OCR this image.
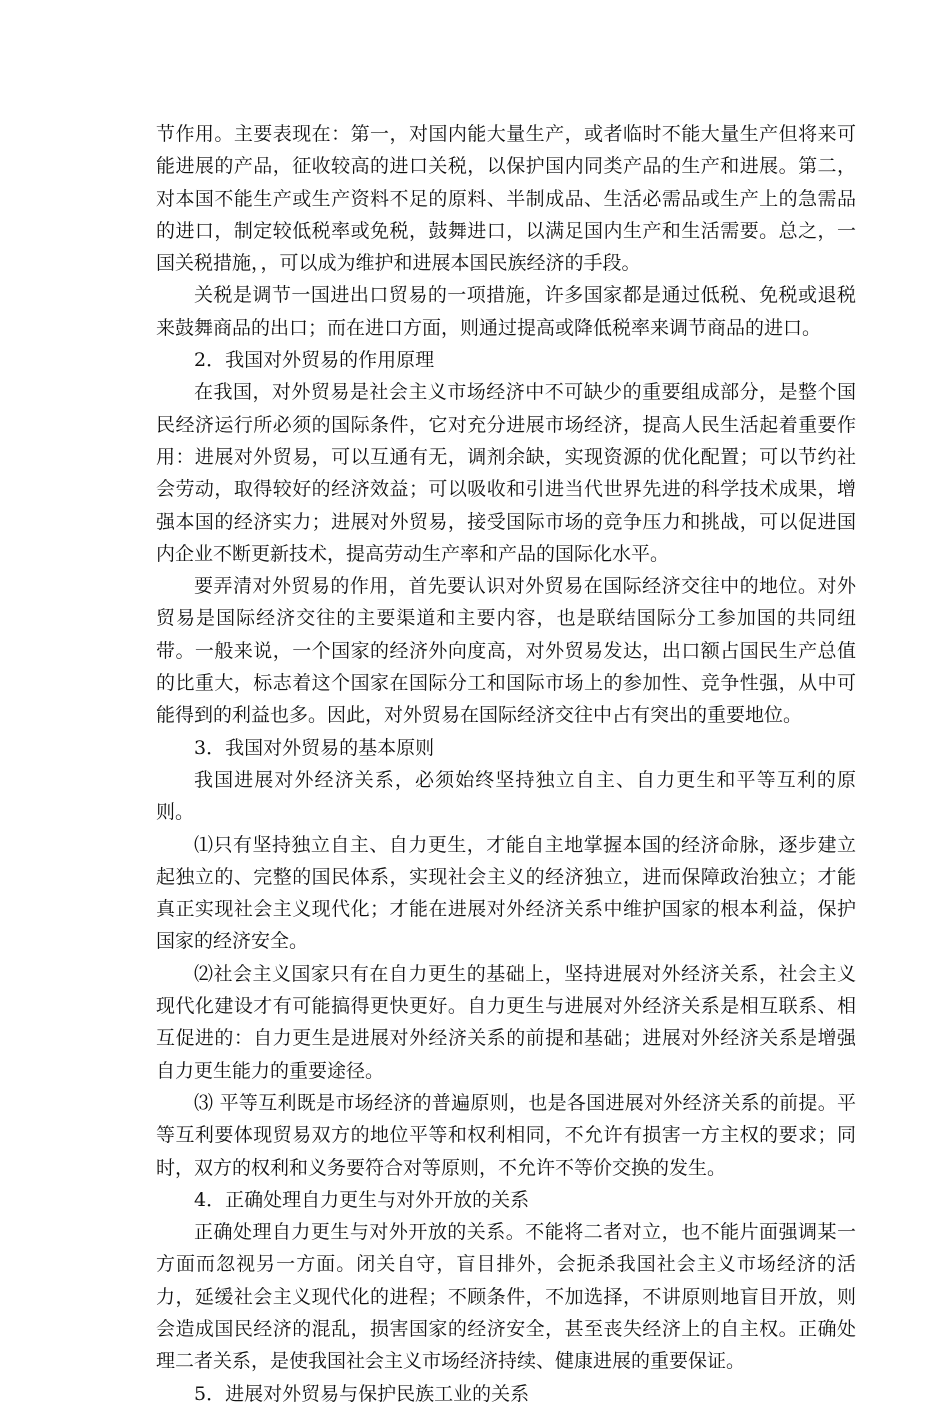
节作用。主要表现在：第一，对国内能大量生产，或者临时不能大量生产但将来可能进展的产品，征收较高的进口关税，以保护国内同类产品的生产和进展。第二，对本国不能生产或生产资料不足的原料、半制成品、生活必需品或生产上的急需品的进口，制定较低税率或免税，鼓舞进口，以满足国内生产和生活需要。总之，一国关税措施，，可以成为维护和进展本国民族经济的手段。

关税是调节一国进出口贸易的一项措施，许多国家都是通过低税、免税或退税来鼓舞商品的出口；而在进口方面，则通过提高或降低税率来调节商品的进口。

2．我国对外贸易的作用原理

在我国，对外贸易是社会主义市场经济中不可缺少的重要组成部分，是整个国民经济运行所必须的国际条件，它对充分进展市场经济，提高人民生活起着重要作用：进展对外贸易，可以互通有无，调剂余缺，实现资源的优化配置；可以节约社会劳动，取得较好的经济效益；可以吸收和引进当代世界先进的科学技术成果，增强本国的经济实力；进展对外贸易，接受国际市场的竞争压力和挑战，可以促进国内企业不断更新技术，提高劳动生产率和产品的国际化水平。

要弄清对外贸易的作用，首先要认识对外贸易在国际经济交往中的地位。对外贸易是国际经济交往的主要渠道和主要内容，也是联结国际分工参加国的共同纽带。一般来说，一个国家的经济外向度高，对外贸易发达，出口额占国民生产总值的比重大，标志着这个国家在国际分工和国际市场上的参加性、竞争性强，从中可能得到的利益也多。因此，对外贸易在国际经济交往中占有突出的重要地位。

3．我国对外贸易的基本原则

我国进展对外经济关系，必须始终坚持独立自主、自力更生和平等互利的原则。

⑴只有坚持独立自主、自力更生，才能自主地掌握本国的经济命脉，逐步建立起独立的、完整的国民体系，实现社会主义的经济独立，进而保障政治独立；才能真正实现社会主义现代化；才能在进展对外经济关系中维护国家的根本利益，保护国家的经济安全。

⑵社会主义国家只有在自力更生的基础上，坚持进展对外经济关系，社会主义现代化建设才有可能搞得更快更好。自力更生与进展对外经济关系是相互联系、相互促进的：自力更生是进展对外经济关系的前提和基础；进展对外经济关系是增强自力更生能力的重要途径。

⑶ 平等互利既是市场经济的普遍原则，也是各国进展对外经济关系的前提。平等互利要体现贸易双方的地位平等和权利相同，不允许有损害一方主权的要求；同时，双方的权利和义务要符合对等原则，不允许不等价交换的发生。

4．正确处理自力更生与对外开放的关系

正确处理自力更生与对外开放的关系。不能将二者对立，也不能片面强调某一方面而忽视另一方面。闭关自守，盲目排外，会扼杀我国社会主义市场经济的活力，延缓社会主义现代化的进程；不顾条件，不加选择，不讲原则地盲目开放，则会造成国民经济的混乱，损害国家的经济安全，甚至丧失经济上的自主权。正确处理二者关系，是使我国社会主义市场经济持续、健康进展的重要保证。

5．进展对外贸易与保护民族工业的关系
